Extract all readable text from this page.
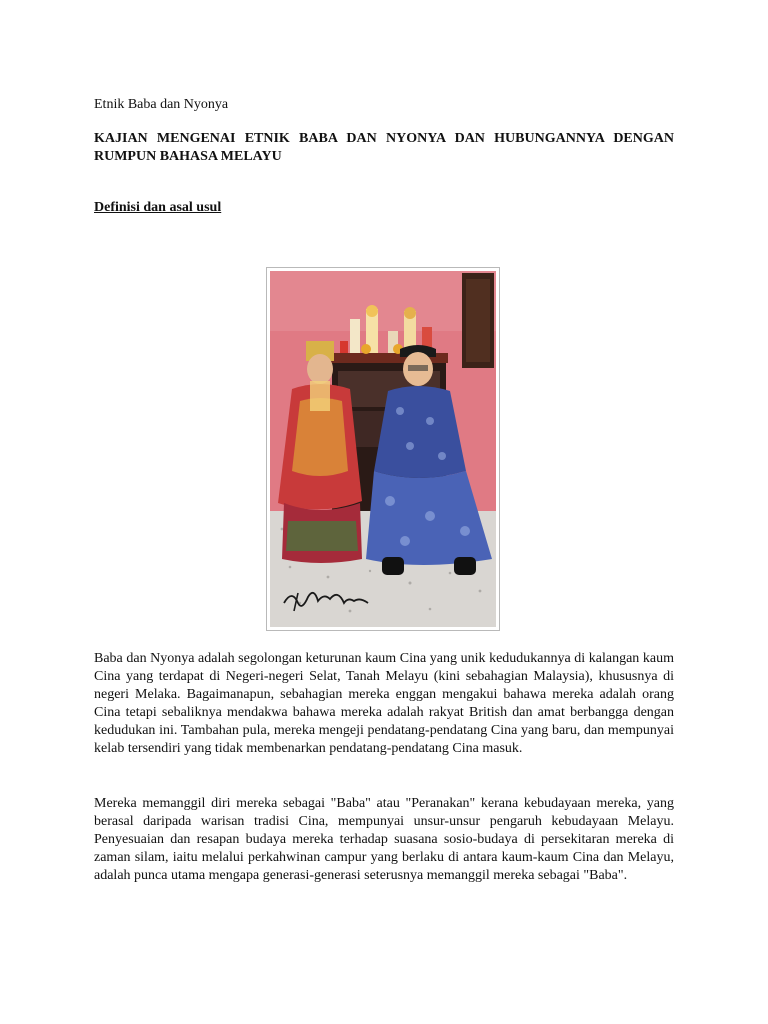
Etnik Baba dan Nyonya
KAJIAN MENGENAI ETNIK BABA DAN NYONYA DAN HUBUNGANNYA DENGAN RUMPUN BAHASA MELAYU
Definisi dan asal usul

Baba dan Nyonya adalah segolongan keturunan kaum Cina yang unik kedudukannya di kalangan kaum Cina yang terdapat di Negeri-negeri Selat, Tanah Melayu (kini sebahagian Malaysia), khususnya di negeri Melaka. Bagaimanapun, sebahagian mereka enggan mengakui bahawa mereka adalah orang Cina tetapi sebaliknya mendakwa bahawa mereka adalah rakyat British dan amat berbangga dengan kedudukan ini. Tambahan pula, mereka mengeji pendatang-pendatang Cina yang baru, dan mempunyai kelab tersendiri yang tidak membenarkan pendatang-pendatang Cina masuk.

Mereka memanggil diri mereka sebagai "Baba" atau "Peranakan" kerana kebudayaan mereka, yang berasal daripada warisan tradisi Cina, mempunyai unsur-unsur pengaruh kebudayaan Melayu. Penyesuaian dan resapan budaya mereka terhadap suasana sosio-budaya di persekitaran mereka di zaman silam, iaitu melalui perkahwinan campur yang berlaku di antara kaum-kaum Cina dan Melayu, adalah punca utama mengapa generasi-generasi seterusnya memanggil mereka sebagai "Baba".
